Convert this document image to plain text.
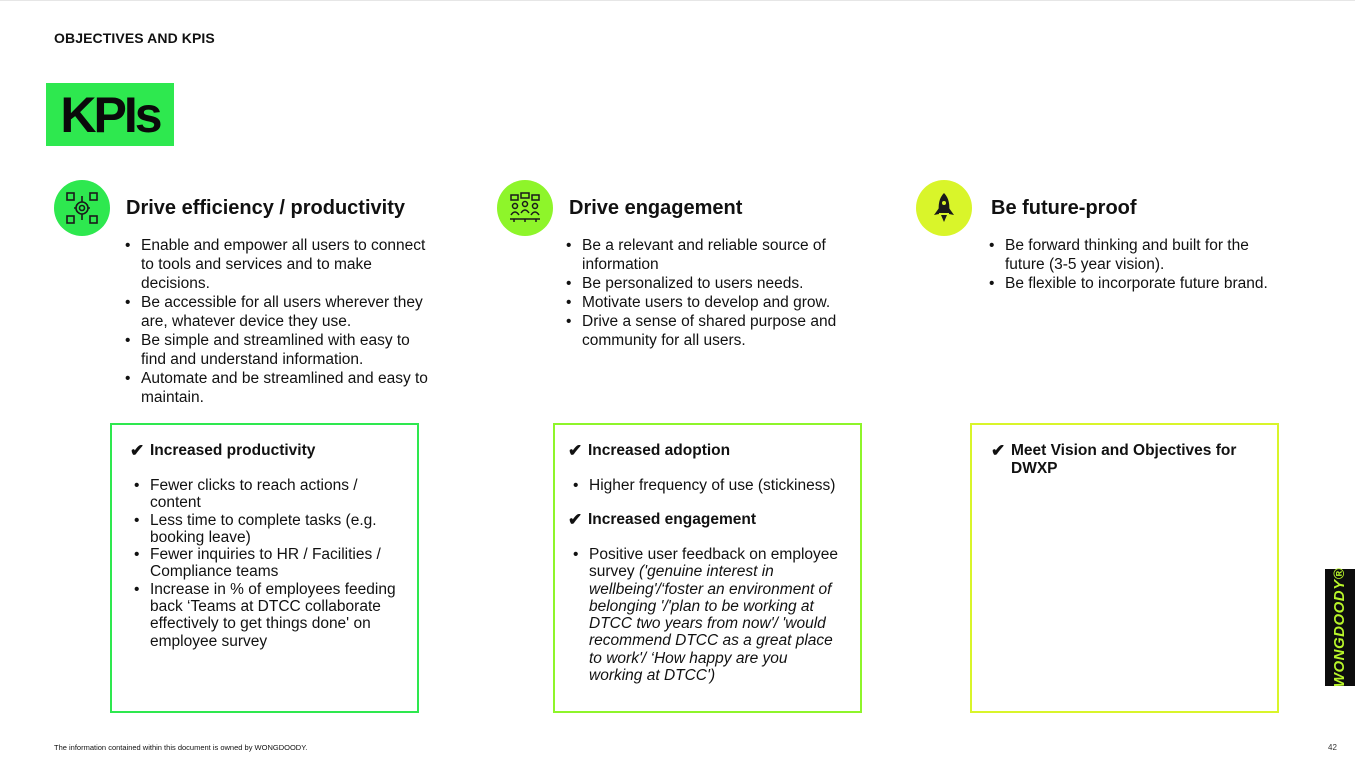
OBJECTIVES AND KPIS
KPIs
Drive efficiency / productivity
• Enable and empower all users to connect to tools and services and to make decisions.
• Be accessible for all users wherever they are, whatever device they use.
• Be simple and streamlined with easy to find and understand information.
• Automate and be streamlined and easy to maintain.
✔ Increased productivity
• Fewer clicks to reach actions / content
• Less time to complete tasks (e.g. booking leave)
• Fewer inquiries to HR / Facilities / Compliance teams
• Increase in % of employees feeding back ‘Teams at DTCC collaborate effectively to get things done' on employee survey
Drive engagement
• Be a relevant and reliable source of information
• Be personalized to users needs.
• Motivate users to develop and grow.
• Drive a sense of shared purpose and community for all users.
✔ Increased adoption
• Higher frequency of use (stickiness)
✔ Increased engagement
• Positive user feedback on employee survey ('genuine interest in wellbeing'/‘foster an environment of belonging '/'plan to be working at DTCC two years from now'/ 'would recommend DTCC as a great place to work'/ ‘How happy are you working at DTCC')
Be future-proof
• Be forward thinking and built for the future (3-5 year vision).
• Be flexible to incorporate future brand.
✔ Meet Vision and Objectives for DWXP
WONGDOODY®
The information contained within this document is owned by WONGDOODY.	42
